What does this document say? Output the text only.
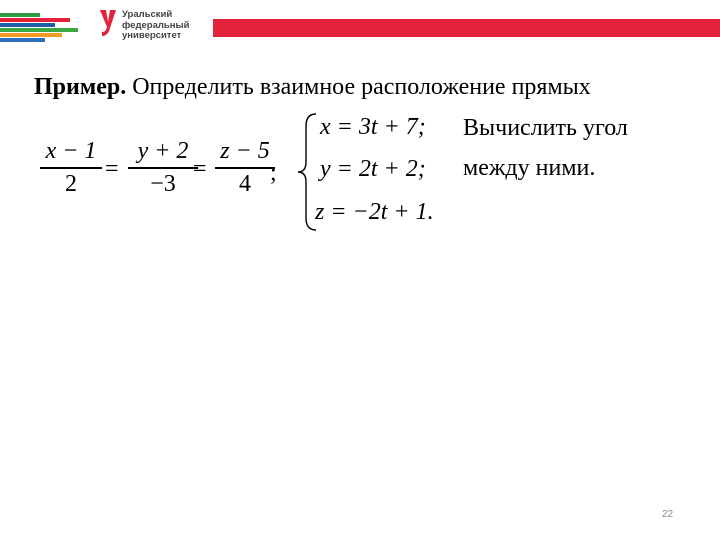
Уральский
федеральный
университет
Пример. Определить взаимное расположение прямых
x − 1
2
=
y + 2
−3
=
z − 5
4 ;
x = 3t + 7;
y = 2t + 2;
z = −2t + 1.
Вычислить угол
между ними.
22
